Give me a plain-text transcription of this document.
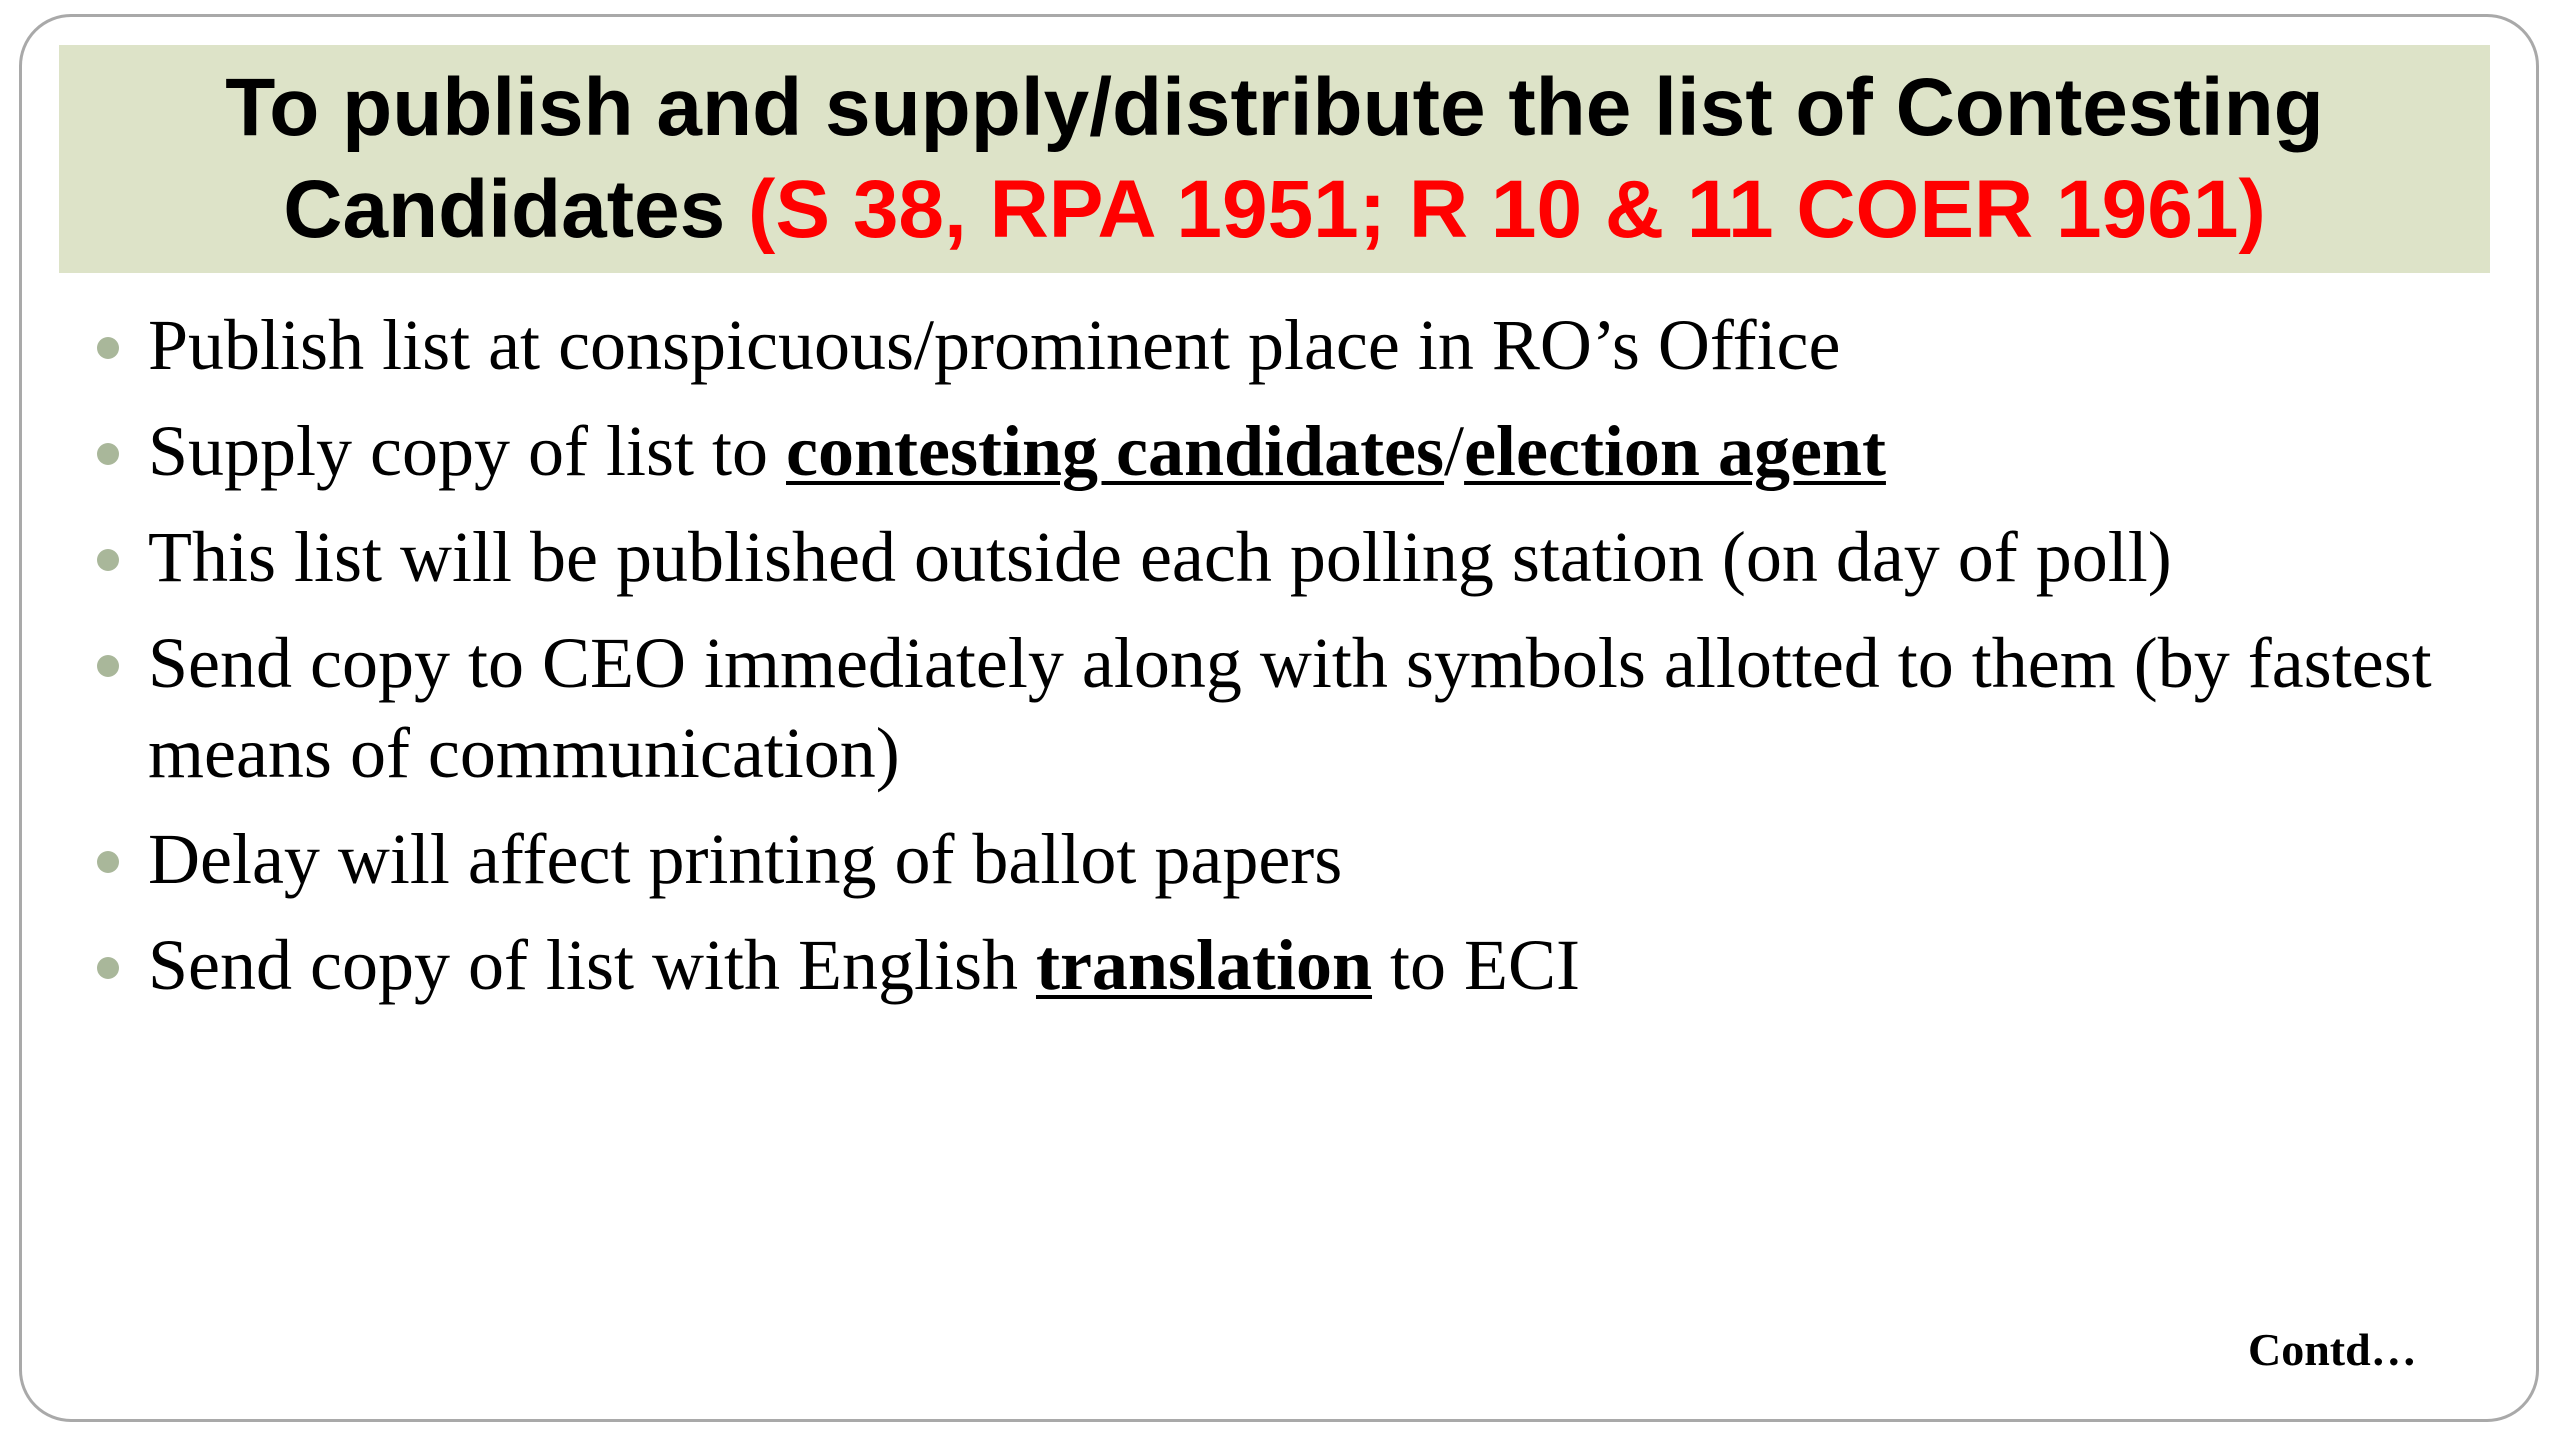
To publish and supply/distribute the list of Contesting
Candidates (S 38, RPA 1951; R 10 & 11 COER 1961)
Publish list at conspicuous/prominent place in RO’s Office
Supply copy of list to contesting candidates/election agent
This list will be published outside each polling station (on day of poll)
Send copy to CEO immediately along with symbols allotted to them (by fastest means of communication)
Delay will affect printing of ballot papers
Send copy of list with English translation to ECI
Contd…
